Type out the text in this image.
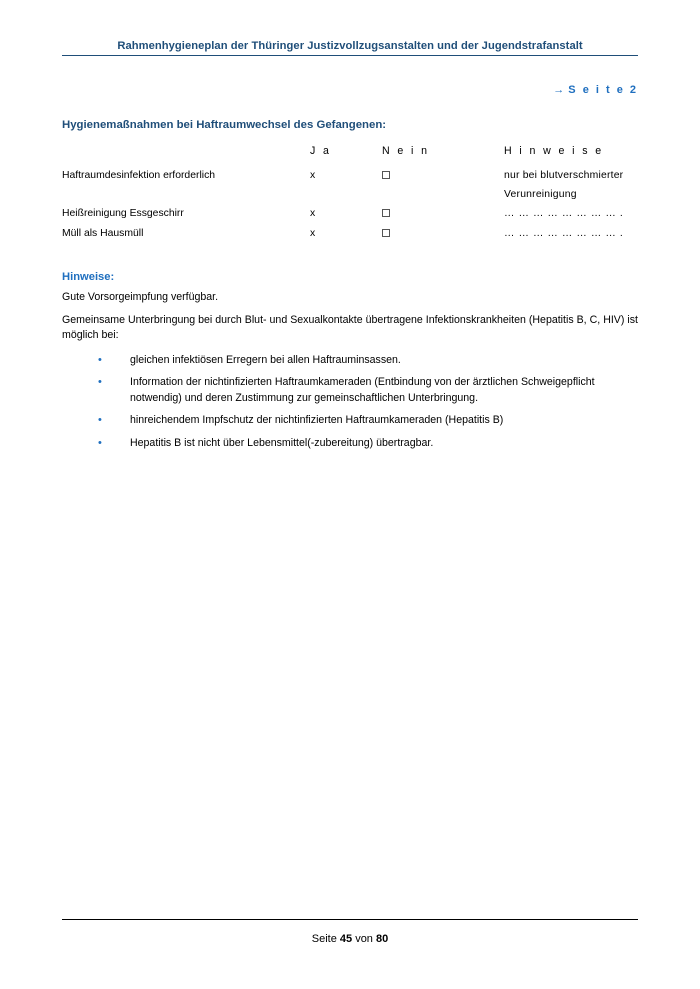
Rahmenhygieneplan der Thüringer Justizvollzugsanstalten und der Jugendstrafanstalt
→ S e i t e 2
Hygienemaßnahmen bei Haftraumwechsel des Gefangenen:
	J a	N e i n	H i n w e i s e
Haftraumdesinfektion erforderlich	x		nur bei blutverschmierter Verunreinigung
Heißreinigung Essgeschirr	x		… … … … … … … … .
Müll als Hausmüll	x		… … … … … … … … .
Hinweise:
Gute Vorsorgeimpfung verfügbar.
Gemeinsame Unterbringung bei durch Blut- und Sexualkontakte übertragene Infektionskrankheiten (Hepatitis B, C, HIV) ist möglich bei:
•	gleichen infektiösen Erregern bei allen Haftrauminsassen.
•	Information der nichtinfizierten Haftraumkameraden (Entbindung von der ärztlichen Schweigepflicht notwendig) und deren Zustimmung zur gemeinschaftlichen Unterbringung.
•	hinreichendem Impfschutz der nichtinfizierten Haftraumkameraden (Hepatitis B)
•	Hepatitis B ist nicht über Lebensmittel(-zubereitung) übertragbar.
Seite 45 von 80
